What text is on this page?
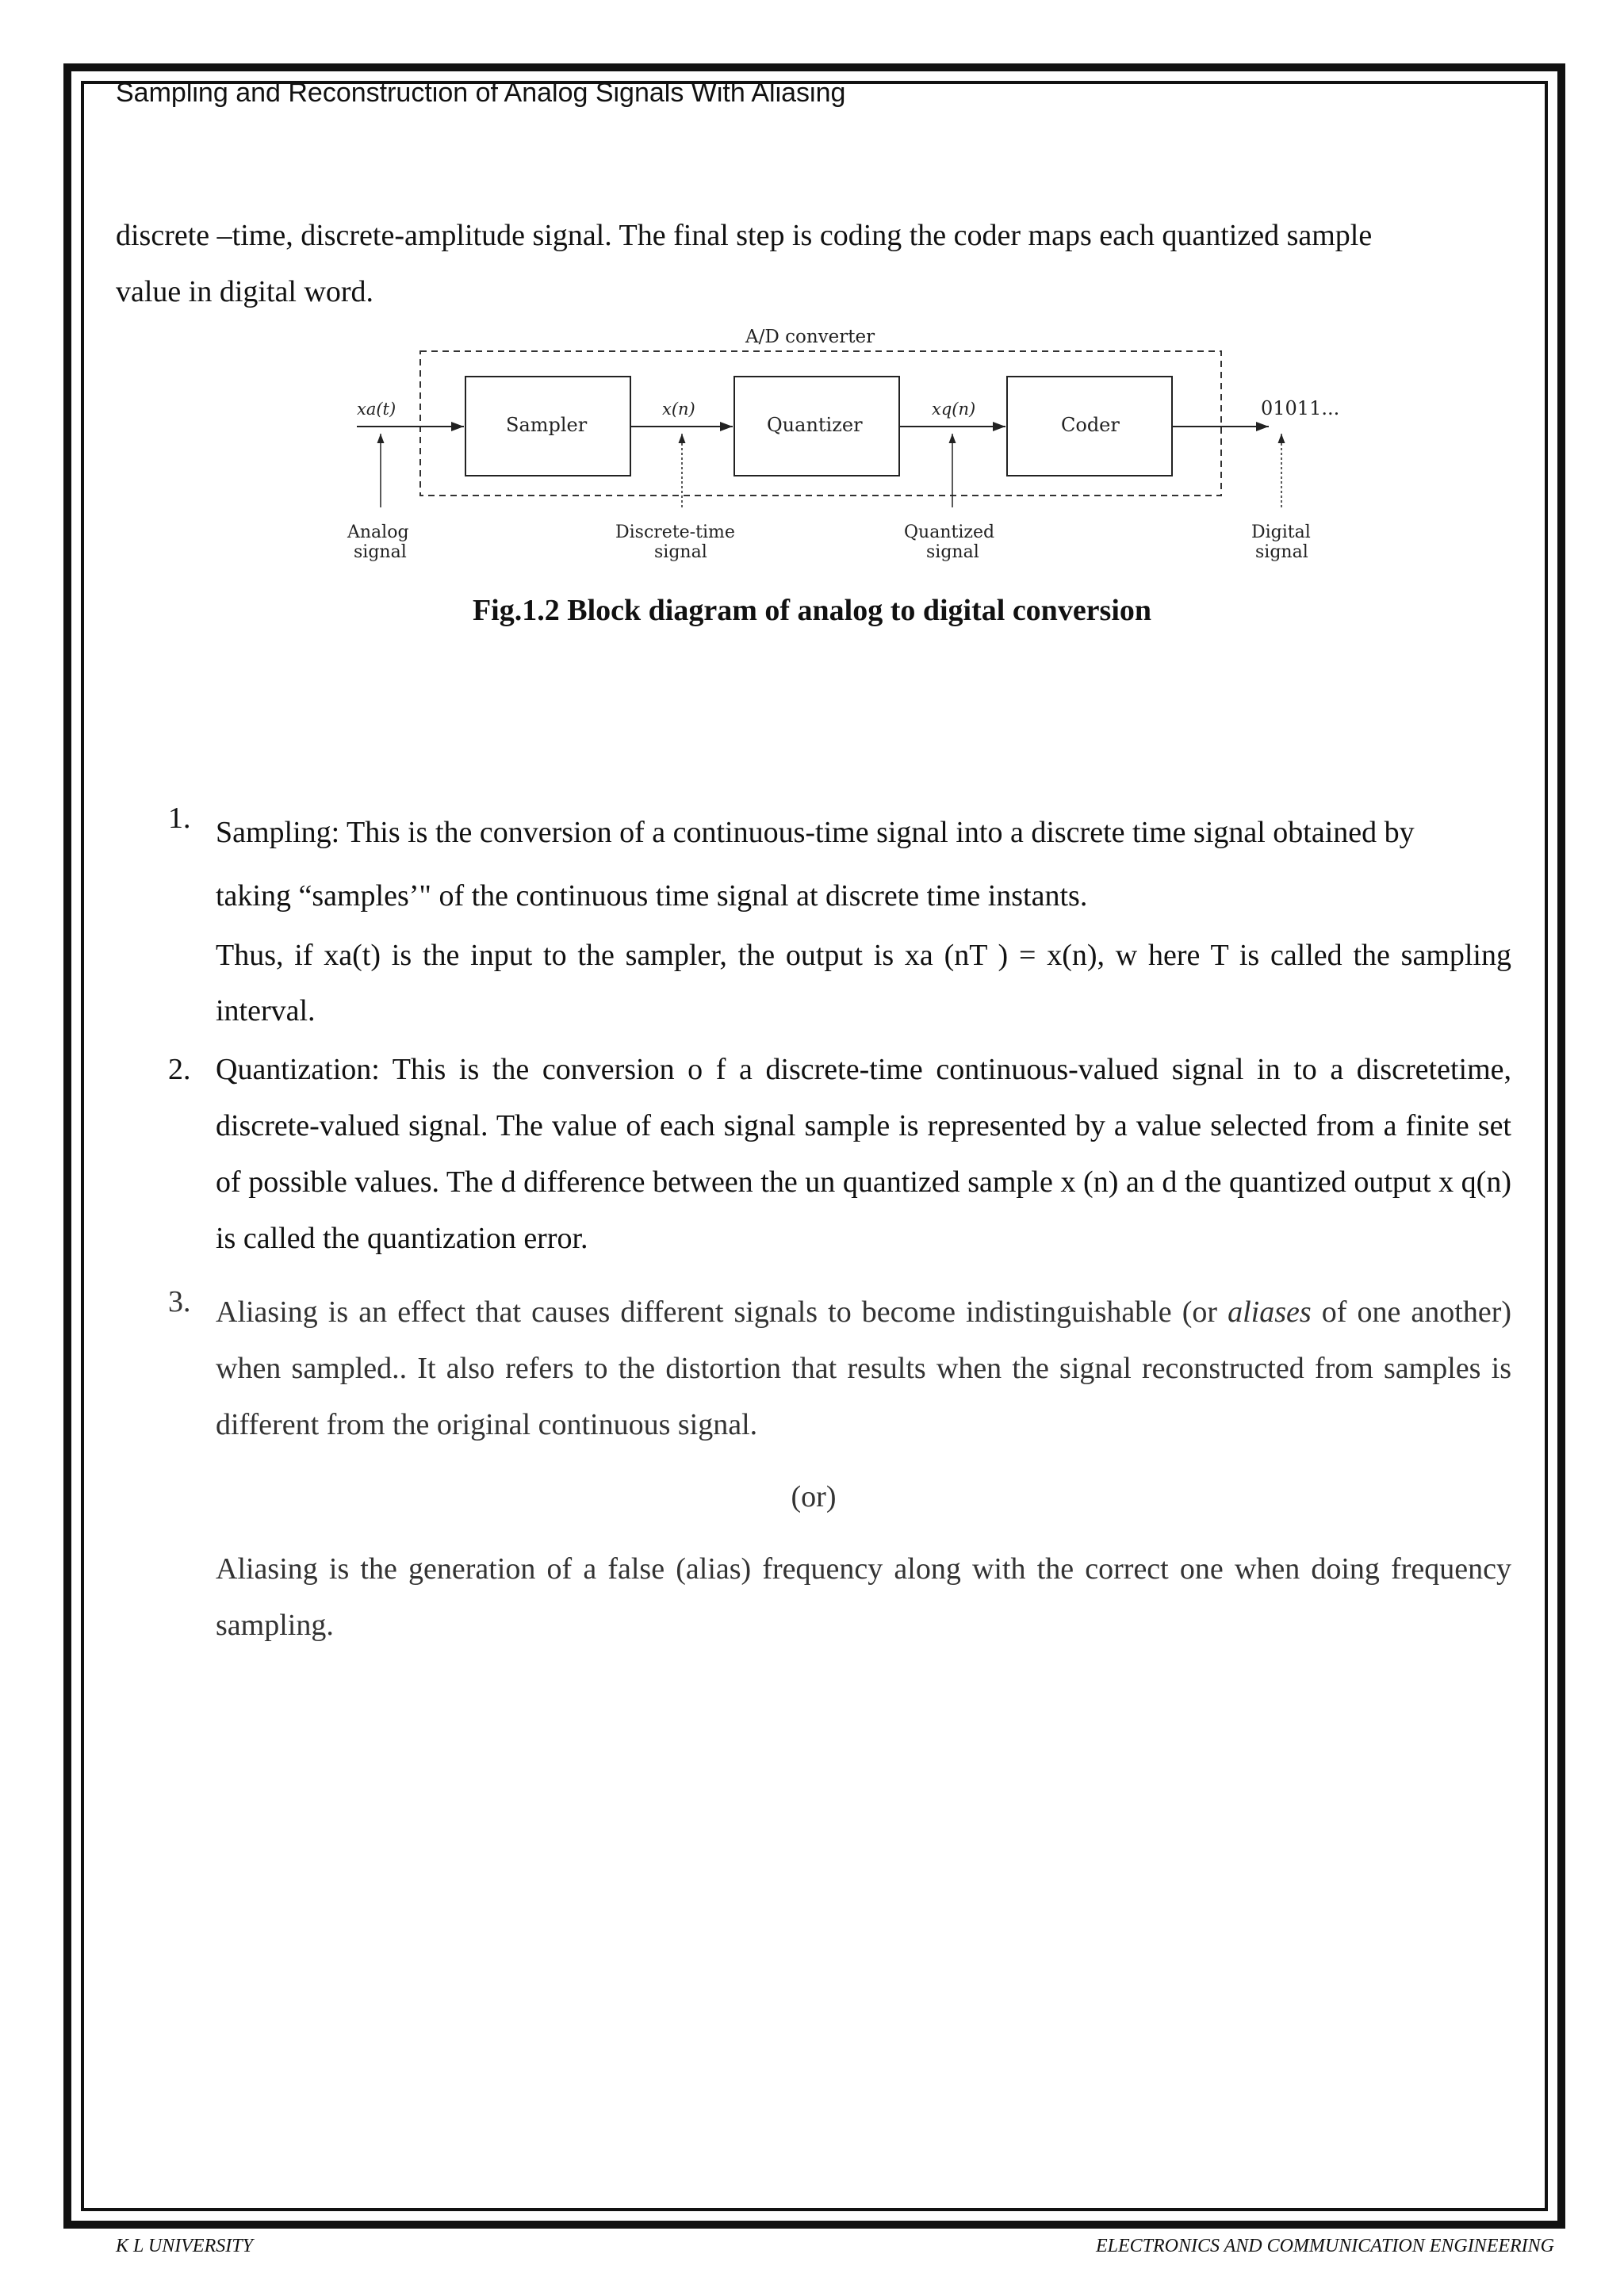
Sampling and Reconstruction of Analog Signals With Aliasing

discrete –time, discrete-amplitude signal. The final step is coding the coder maps each quantized sample

value in digital word.

A/D converter
Sampler	Quantizer	Coder
xa(t)	x(n)	xq(n)	01011...
Analog
signal
Discrete-time
signal
Quantized
signal
Digital
signal
Fig.1.2 Block diagram of analog to digital conversion
1. Sampling: This is the conversion of a continuous-time signal into a discrete time signal obtained by

taking “samples’" of the continuous time signal at discrete time instants.

Thus, if xa(t) is the input to the sampler, the output is xa (nT ) = x(n), w here T is called the sampling interval.

2. Quantization: This is the conversion o f a discrete-time continuous-valued signal in to a discretetime, discrete-valued signal. The value of each signal sample is represented by a value selected from a finite set of possible values. The d difference between the un quantized sample x (n) an d the quantized output x q(n) is called the quantization error.

3. Aliasing is an effect that causes different signals to become indistinguishable (or aliases of one another) when sampled.. It also refers to the distortion that results when the signal reconstructed from samples is different from the original continuous signal.

(or)

Aliasing is the generation of a false (alias) frequency along with the correct one when doing frequency sampling.

K L UNIVERSITY	ELECTRONICS AND COMMUNICATION ENGINEERING
